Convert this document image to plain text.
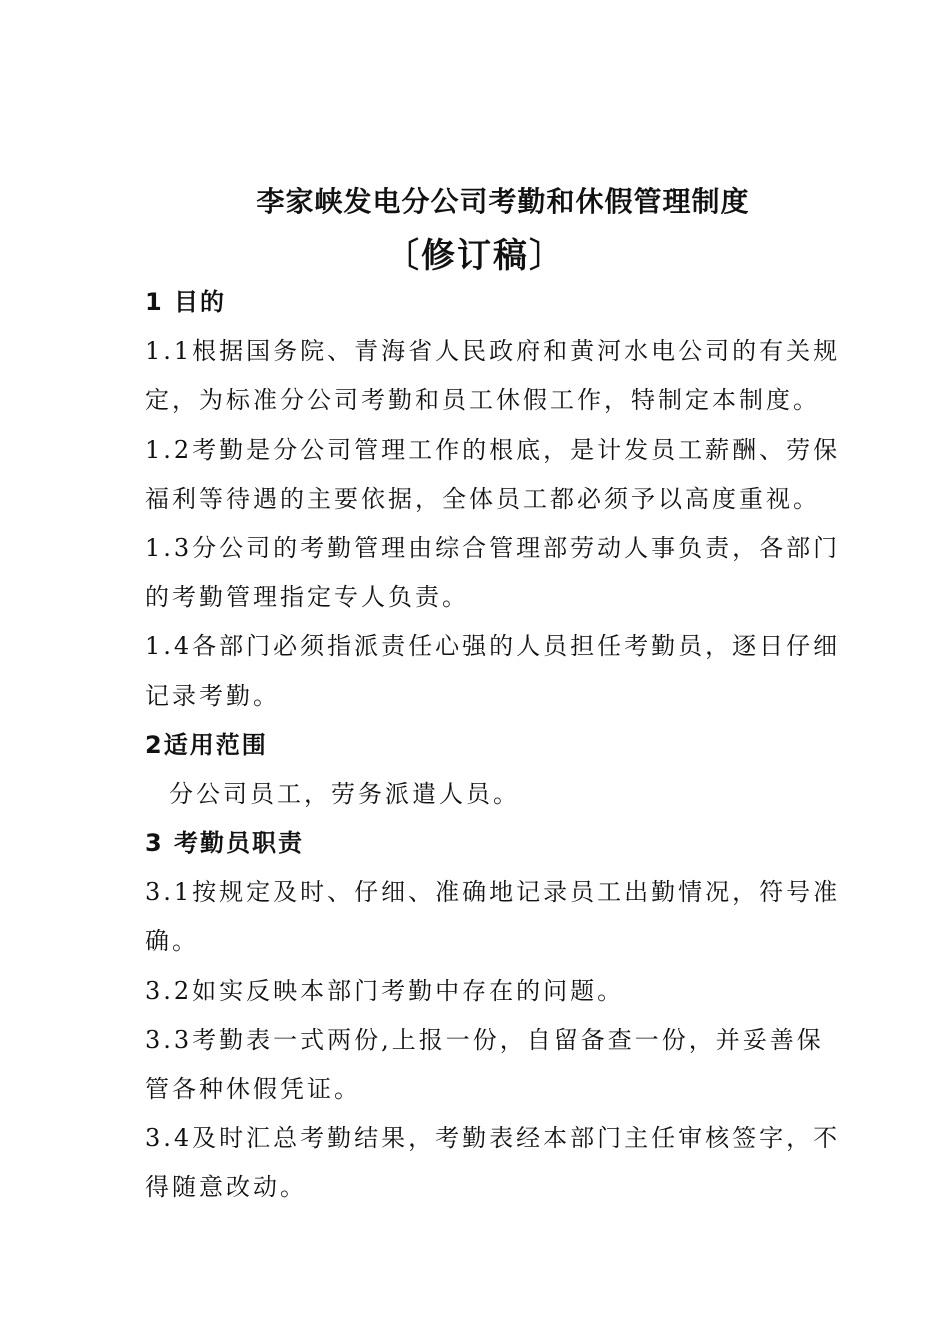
李家峡发电分公司考勤和休假管理制度
〔修订稿〕
1 目的
1.1根据国务院、青海省人民政府和黄河水电公司的有关规
定，为标准分公司考勤和员工休假工作，特制定本制度。
1.2考勤是分公司管理工作的根底，是计发员工薪酬、劳保
福利等待遇的主要依据，全体员工都必须予以高度重视。
1.3分公司的考勤管理由综合管理部劳动人事负责，各部门
的考勤管理指定专人负责。
1.4各部门必须指派责任心强的人员担任考勤员，逐日仔细
记录考勤。
2适用范围
分公司员工，劳务派遣人员。
3 考勤员职责
3.1按规定及时、仔细、准确地记录员工出勤情况，符号准
确。
3.2如实反映本部门考勤中存在的问题。
3.3考勤表一式两份,上报一份，自留备查一份，并妥善保
管各种休假凭证。
3.4及时汇总考勤结果，考勤表经本部门主任审核签字，不
得随意改动。
